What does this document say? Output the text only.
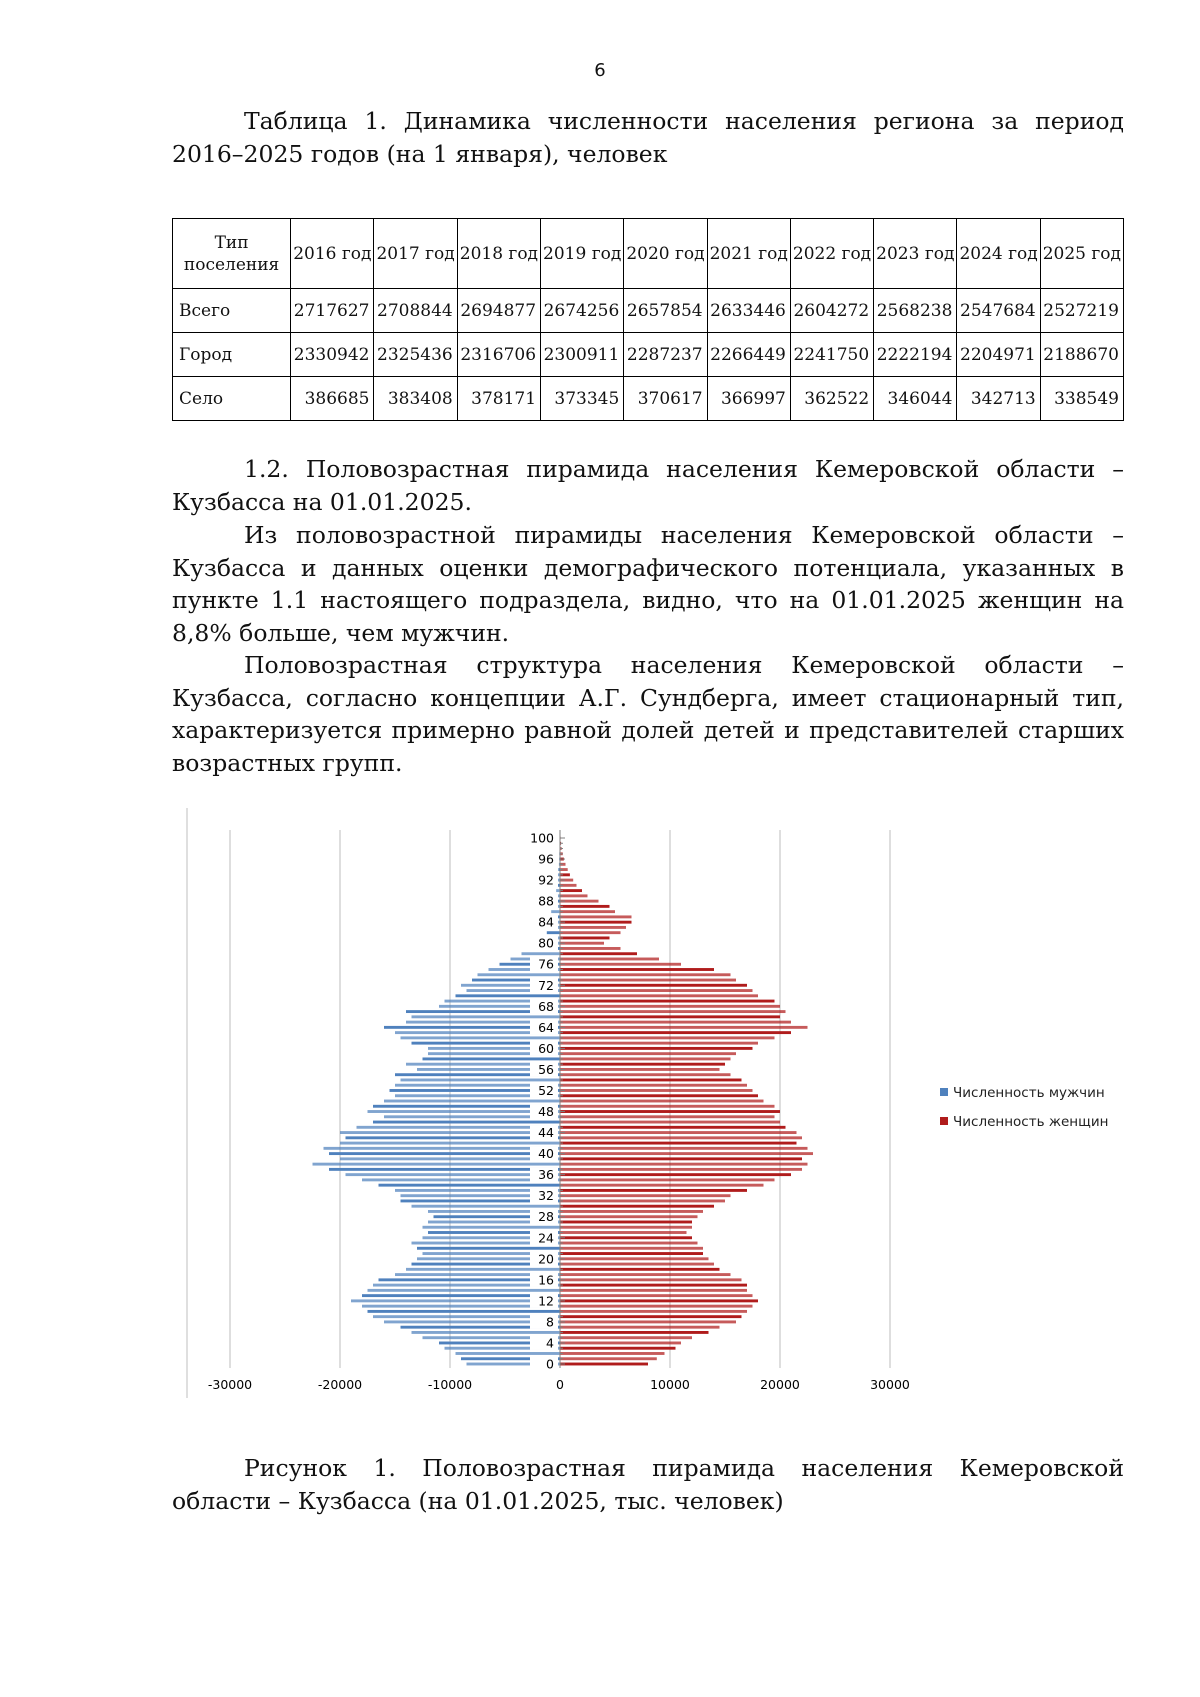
6
Таблица 1. Динамика численности населения региона за период 2016–2025 годов (на 1 января), человек
Тип поселения	2016 год	2017 год	2018 год	2019 год	2020 год	2021 год	2022 год	2023 год	2024 год	2025 год
Всего	2717627	2708844	2694877	2674256	2657854	2633446	2604272	2568238	2547684	2527219
Город	2330942	2325436	2316706	2300911	2287237	2266449	2241750	2222194	2204971	2188670
Село	386685	383408	378171	373345	370617	366997	362522	346044	342713	338549
1.2. Половозрастная пирамида населения Кемеровской области – Кузбасса на 01.01.2025.
Из половозрастной пирамиды населения Кемеровской области – Кузбасса и данных оценки демографического потенциала, указанных в пункте 1.1 настоящего подраздела, видно, что на 01.01.2025 женщин на 8,8% больше, чем мужчин.
Половозрастная структура населения Кемеровской области – Кузбасса, согласно концепции А.Г. Сундберга, имеет стационарный тип, характеризуется примерно равной долей детей и представителей старших возрастных групп.
0
4
8
12
16
20
24
28
32
36
40
44
48
52
56
60
64
68
72
76
80
84
88
92
96
100
-30000	-20000	-10000	0	10000	20000	30000
Численность мужчин
Численность женщин
Рисунок 1. Половозрастная пирамида населения Кемеровской области – Кузбасса (на 01.01.2025, тыс. человек)
